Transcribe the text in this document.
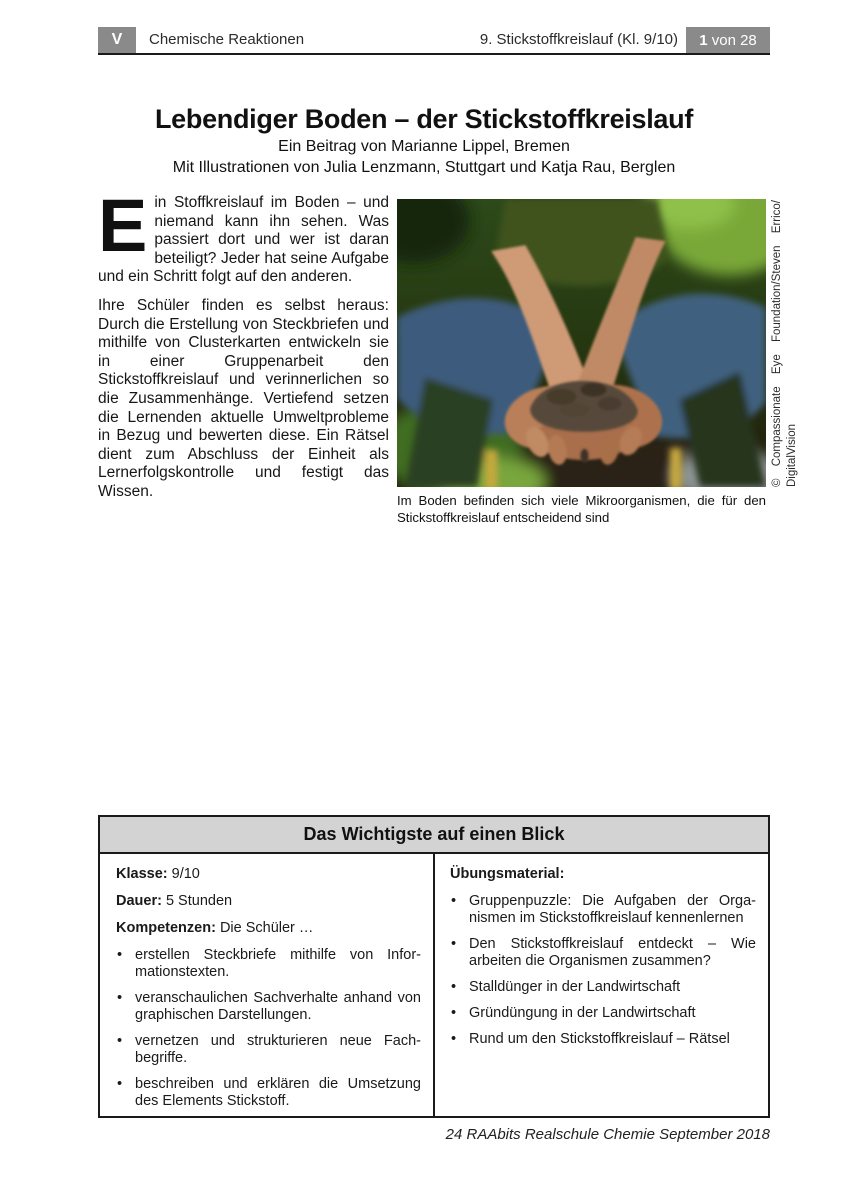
V Chemische Reaktionen	9. Stickstoffkreislauf (Kl. 9/10) 1
von 28
Lebendiger Boden – der Stickstoffkreislauf
Ein Beitrag von Marianne Lippel, Bremen
Mit Illustrationen von Julia Lenzmann, Stuttgart und Katja Rau, Berglen

Ein Stoffkreislauf im Boden – und niemand kann ihn sehen. Was passiert dort und wer ist daran beteiligt? Jeder hat seine Aufgabe und ein Schritt folgt auf den anderen.

Ihre Schüler finden es selbst heraus: Durch die Erstellung von Steckbriefen und mithilfe von Clusterkarten entwickeln sie in einer Gruppenarbeit den Stickstoffkreislauf und verinnerlichen so die Zusammenhänge. Vertiefend setzen die Lernenden aktuelle Umweltprobleme in Bezug und bewerten diese. Ein Rätsel dient zum Abschluss der Einheit als Lernerfolgskontrolle und festigt das Wissen.

© Compassionate Eye Foundation/Steven Errico/ DigitalVision
Im Boden befinden sich viele Mikroorganismen, die für den Stickstoffkreislauf entscheidend sind
Das Wichtigste auf einen Blick

Klasse: 9/10

Dauer: 5 Stunden

Kompetenzen: Die Schüler …

• erstellen Steckbriefe mithilfe von Informationstexten.

• veranschaulichen Sachverhalte anhand von graphischen Darstellungen.

• vernetzen und strukturieren neue Fachbegriffe.

• beschreiben und erklären die Umsetzung des Elements Stickstoff.

Übungsmaterial:

• Gruppenpuzzle: Die Aufgaben der Organismen im Stickstoffkreislauf kennenlernen

• Den Stickstoffkreislauf entdeckt – Wie arbeiten die Organismen zusammen?

• Stalldünger in der Landwirtschaft

• Gründüngung in der Landwirtschaft

• Rund um den Stickstoffkreislauf – Rätsel

24 RAAbits Realschule Chemie September 2018
